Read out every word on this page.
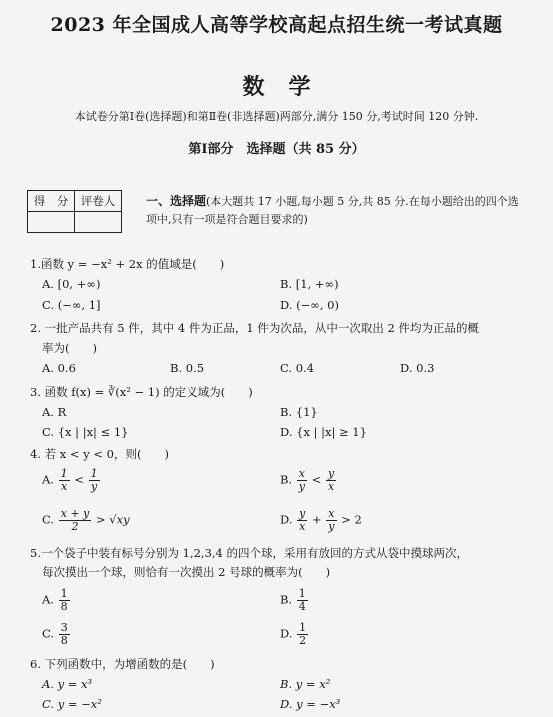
2023 年全国成人高等学校高起点招生统一考试真题
数学
本试卷分第Ⅰ卷(选择题)和第Ⅱ卷(非选择题)两部分,满分 150 分,考试时间 120 分钟.
第Ⅰ部分　选择题（共 85 分）
得　分	评卷人
		一、选择题(本大题共 17 小题,每小题 5 分,共 85 分.在每小题给出的四个选项中,只有一项是符合题目要求的)
1.函数 y = −x² + 2x 的值域是(　　)
A. [0, +∞)	B. [1, +∞)
C. (−∞, 1]	D. (−∞, 0)
2. 一批产品共有 5 件，其中 4 件为正品，1 件为次品，从中一次取出 2 件均为正品的概
率为(　　)
A. 0.6	B. 0.5	C. 0.4	D. 0.3
3. 函数 f(x) = ∛(x² − 1) 的定义域为(　　)
A. R	B. {1}
C. {x | |x| ≤ 1}	D. {x | |x| ≥ 1}
4. 若 x < y < 0，则(　　)
A. $\frac{1}{x} < \frac{1}{y}$	B. $\frac{x}{y} < \frac{y}{x}$
C. $\frac{x + y}{2} > √xy$	D. $\frac{y}{x} + \frac{x}{y} > 2$
5.一个袋子中装有标号分别为 1,2,3,4 的四个球，采用有放回的方式从袋中摸球两次，
每次摸出一个球，则恰有一次摸出 2 号球的概率为(　　)
A. $\frac{1}{8}$	B. $\frac{1}{4}$
C. $\frac{3}{8}$	D. $\frac{1}{2}$
6. 下列函数中，为增函数的是(　　)
A. y = x³	B. y = x²
C. y = −x²	D. y = −x³
